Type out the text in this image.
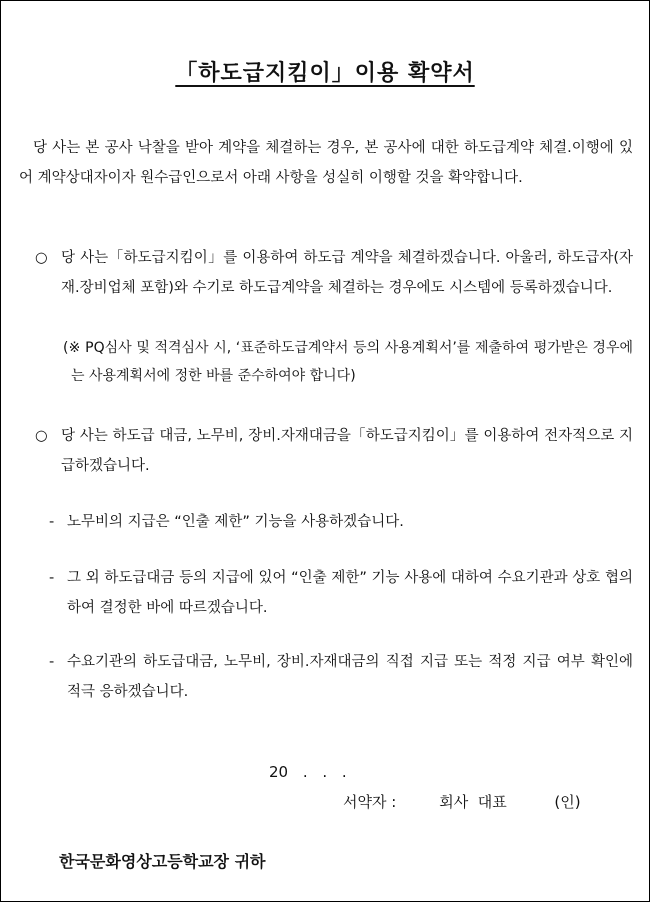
「하도급지킴이」이용 확약서
당 사는 본 공사 낙찰을 받아 계약을 체결하는 경우, 본 공사에 대한 하도급계약 체결.이행에 있어 계약상대자이자 원수급인으로서 아래 사항을 성실히 이행할 것을 확약합니다.
○ 당 사는「하도급지킴이」를 이용하여 하도급 계약을 체결하겠습니다. 아울러, 하도급자(자재.장비업체 포함)와 수기로 하도급계약을 체결하는 경우에도 시스템에 등록하겠습니다.
(※ PQ심사 및 적격심사 시, ‘표준하도급계약서 등의 사용계획서’를 제출하여 평가받은 경우에는 사용계획서에 정한 바를 준수하여야 합니다)
○ 당 사는 하도급 대금, 노무비, 장비.자재대금을「하도급지킴이」를 이용하여 전자적으로 지급하겠습니다.
- 노무비의 지급은 “인출 제한” 기능을 사용하겠습니다.
- 그 외 하도급대금 등의 지급에 있어 “인출 제한” 기능 사용에 대하여 수요기관과 상호 협의하여 결정한 바에 따르겠습니다.
- 수요기관의 하도급대금, 노무비, 장비.자재대금의 직접 지급 또는 적정 지급 여부 확인에 적극 응하겠습니다.
20 . . .
서약자 :         회사  대표          (인)
한국문화영상고등학교장 귀하
